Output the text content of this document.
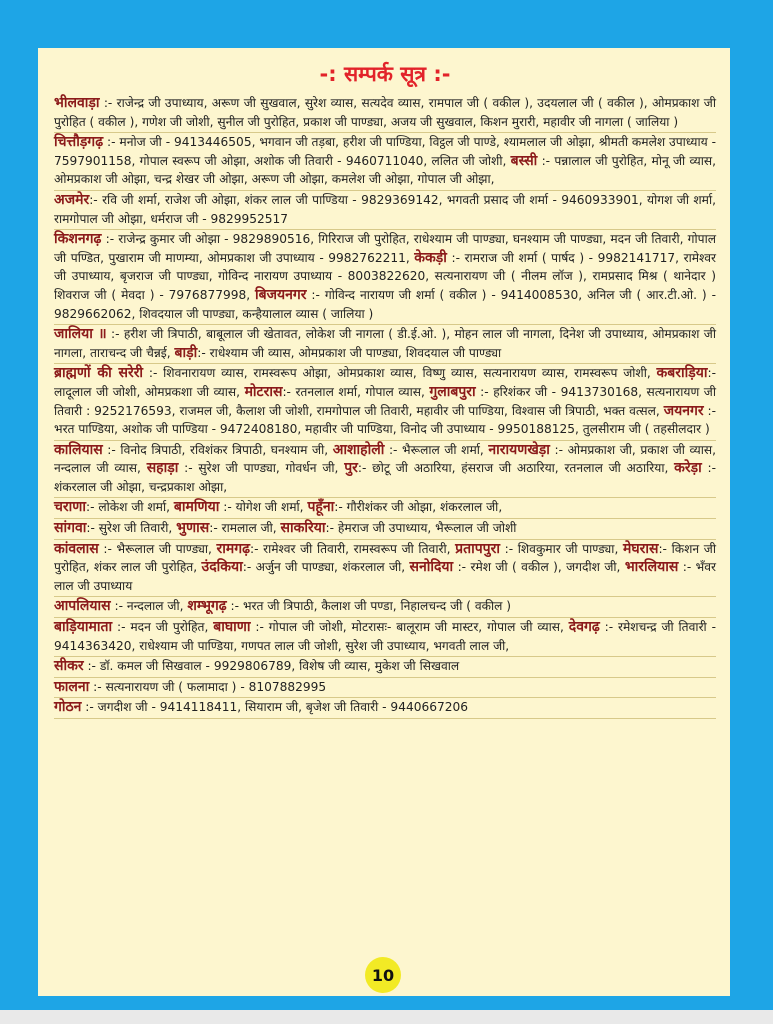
-: सम्पर्क सूत्र :-
भीलवाड़ा :- राजेन्द्र जी उपाध्याय, अरूण जी सुखवाल, सुरेश व्यास, सत्यदेव व्यास, रामपाल जी ( वकील ), उदयलाल जी ( वकील ), ओमप्रकाश जी पुरोहित ( वकील ), गणेश जी जोशी, सुनील जी पुरोहित, प्रकाश जी पाण्ड्या, अजय जी सुखवाल, किशन मुरारी, महावीर जी नागला ( जालिया )
चित्तौड़गढ़ :- मनोज जी - 9413446505, भगवान जी तड़बा, हरीश जी पाण्डिया, विट्ठल जी पाण्डे, श्यामलाल जी ओझा, श्रीमती कमलेश उपाध्याय - 7597901158, गोपाल स्वरूप जी ओझा, अशोक जी तिवारी - 9460711040, ललित जी जोशी, बस्सी :- पन्नालाल जी पुरोहित, मोनू जी व्यास, ओमप्रकाश जी ओझा, चन्द्र शेखर जी ओझा, अरूण जी ओझा, कमलेश जी ओझा, गोपाल जी ओझा,
अजमेर:- रवि जी शर्मा, राजेश जी ओझा, शंकर लाल जी पाण्डिया - 9829369142, भगवती प्रसाद जी शर्मा - 9460933901, योगश जी शर्मा, रामगोपाल जी ओझा, धर्मराज जी - 9829952517
किशनगढ़ :- राजेन्द्र कुमार जी ओझा - 9829890516, गिरिराज जी पुरोहित, राधेश्याम जी पाण्ड्या, घनश्याम जी पाण्ड्या, मदन जी तिवारी, गोपाल जी पण्डित, पुखाराम जी माणम्या, ओमप्रकाश जी उपाध्याय - 9982762211, केकड़ी :- रामराज जी शर्मा ( पार्षद ) - 9982141717, रामेश्वर जी उपाध्याय, बृजराज जी पाण्ड्या, गोविन्द नारायण उपाध्याय - 8003822620, सत्यनारायण जी ( नीलम लॉज ), रामप्रसाद मिश्र ( थानेदार ) शिवराज जी ( मेवदा ) - 7976877998, बिजयनगर :- गोविन्द नारायण जी शर्मा ( वकील ) - 9414008530, अनिल जी ( आर.टी.ओ. ) - 9829662062, शिवदयाल जी पाण्ड्या, कन्हैयालाल व्यास ( जालिया )
जालिया ॥ :- हरीश जी त्रिपाठी, बाबूलाल जी खेतावत, लोकेश जी नागला ( डी.ई.ओ. ), मोहन लाल जी नागला, दिनेश जी उपाध्याय, ओमप्रकाश जी नागला, ताराचन्द जी चैन्नई, बाड़ी:- राधेश्याम जी व्यास, ओमप्रकाश जी पाण्ड्या, शिवदयाल जी पाण्ड्या
ब्राह्मणों की सरेरी :- शिवनारायण व्यास, रामस्वरूप ओझा, ओमप्रकाश व्यास, विष्णु व्यास, सत्यनारायण व्यास, रामस्वरूप जोशी, कबराड़िया:- लादूलाल जी जोशी, ओमप्रकशा जी व्यास, मोटरास:- रतनलाल शर्मा, गोपाल व्यास, गुलाबपुरा :- हरिशंकर जी - 9413730168, सत्यनारायण जी तिवारी : 9252176593, राजमल जी, कैलाश जी जोशी, रामगोपाल जी तिवारी, महावीर जी पाण्डिया, विश्वास जी त्रिपाठी, भक्त वत्सल, जयनगर :- भरत पाण्डिया, अशोक जी पाण्डिया - 9472408180, महावीर जी पाण्डिया, विनोद जी उपाध्याय - 9950188125, तुलसीराम जी ( तहसीलदार )
कालियास :- विनोद त्रिपाठी, रविशंकर त्रिपाठी, घनश्याम जी, आशाहोली :- भैरूलाल जी शर्मा, नारायणखेड़ा :- ओमप्रकाश जी, प्रकाश जी व्यास, नन्दलाल जी व्यास, सहाड़ा :- सुरेश जी पाण्ड्या, गोवर्धन जी, पुर:- छोटू जी अठारिया, हंसराज जी अठारिया, रतनलाल जी अठारिया, करेड़ा :- शंकरलाल जी ओझा, चन्द्रप्रकाश ओझा,
चराणा:- लोकेश जी शर्मा, बामणिया :- योगेश जी शर्मा, पहूँना:- गौरीशंकर जी ओझा, शंकरलाल जी,
सांगवा:- सुरेश जी तिवारी, भुणास:- रामलाल जी, साकरिया:- हेमराज जी उपाध्याय, भैरूलाल जी जोशी
कांवलास :- भैरूलाल जी पाण्ड्या, रामगढ़:- रामेश्वर जी तिवारी, रामस्वरूप जी तिवारी, प्रतापपुरा :- शिवकुमार जी पाण्ड्या, मेघरास:- किशन जी पुरोहित, शंकर लाल जी पुरोहित, उंदकिया:- अर्जुन जी पाण्ड्या, शंकरलाल जी, सनोदिया :- रमेश जी ( वकील ), जगदीश जी, भारलियास :- भँवर लाल जी उपाध्याय
आपलियास :- नन्दलाल जी, शम्भूगढ़ :- भरत जी त्रिपाठी, कैलाश जी पण्डा, निहालचन्द जी ( वकील )
बाड़ियामाता :- मदन जी पुरोहित, बाघाणा :- गोपाल जी जोशी, मोटरासः- बालूराम जी मास्टर, गोपाल जी व्यास, देवगढ़ :- रमेशचन्द्र जी तिवारी - 9414363420, राधेश्याम जी पाण्डिया, गणपत लाल जी जोशी, सुरेश जी उपाध्याय, भगवती लाल जी,
सीकर :- डॉ. कमल जी सिखवाल - 9929806789, विशेष जी व्यास, मुकेश जी सिखवाल
फालना :- सत्यनारायण जी ( फलामादा ) - 8107882995
गोठन :- जगदीश जी - 9414118411, सियाराम जी, बृजेश जी तिवारी - 9440667206
10
